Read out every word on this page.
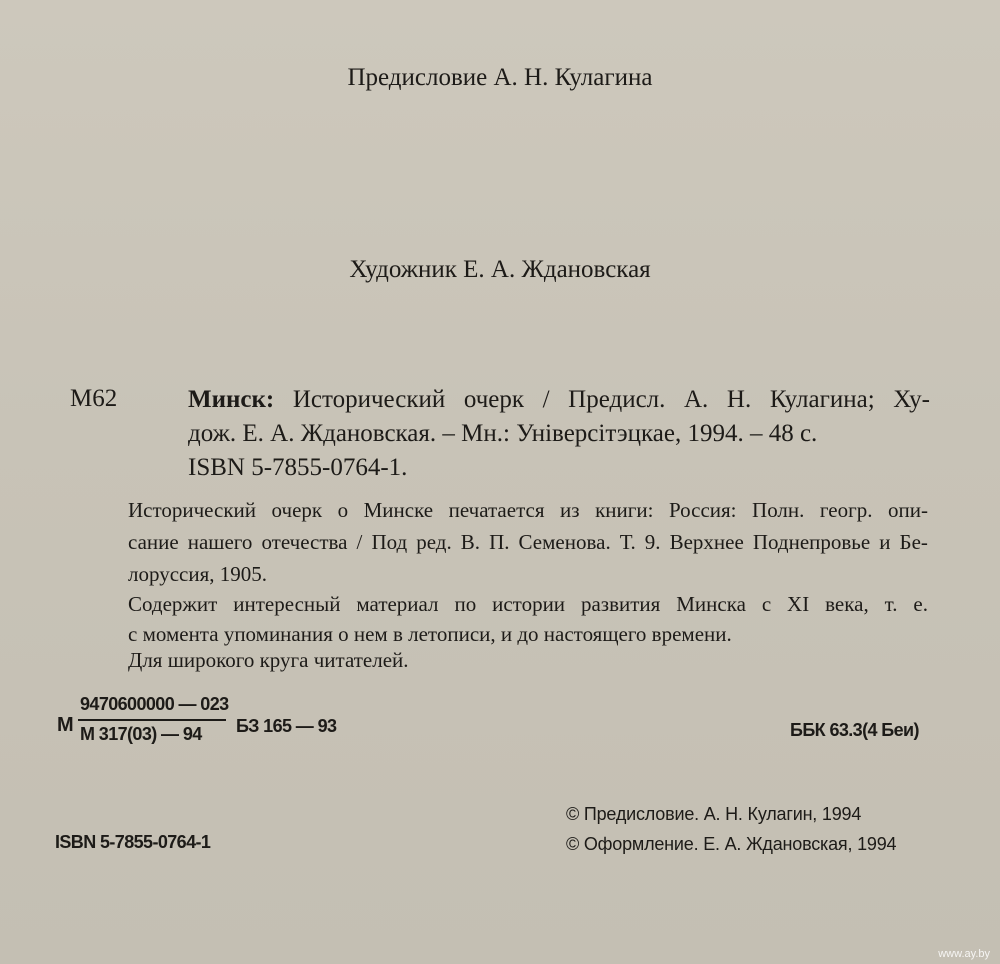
Предисловие А. Н. Кулагина
Художник Е. А. Ждановская
М62	Минск: Исторический очерк / Предисл. А. Н. Кулагина; Ху-
дож. Е. А. Ждановская. – Мн.: Унiверсiтэцкае, 1994. – 48 с.
ISBN 5-7855-0764-1.
Исторический очерк о Минске печатается из книги: Россия: Полн. геогр. опи-
сание нашего отечества / Под ред. В. П. Семенова. Т. 9. Верхнее Поднепровье и Бе-
лоруссия, 1905.
Содержит интересный материал по истории развития Минска с XI века, т. е.
с момента упоминания о нем в летописи, и до настоящего времени.
Для широкого круга читателей.
М
9470600000 — 023
М 317(03) — 94 БЗ 165 — 93	ББК 63.3(4 Беи)
ISBN 5-7855-0764-1
© Предисловие. А. Н. Кулагин, 1994
© Оформление. Е. А. Ждановская, 1994
www.ay.by
